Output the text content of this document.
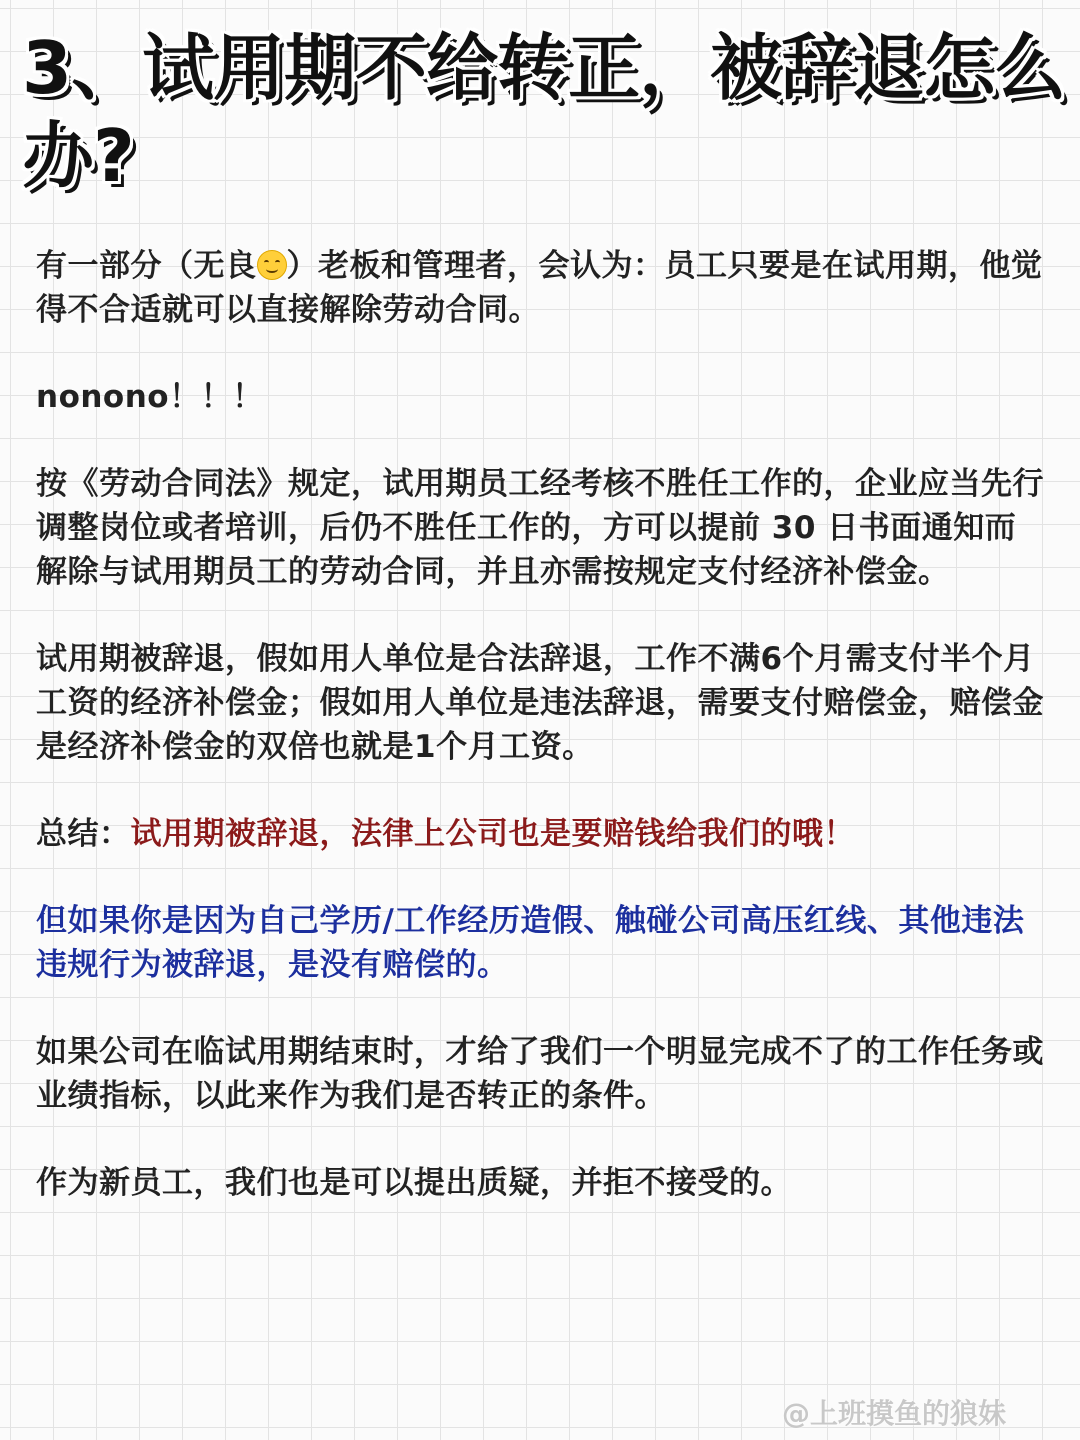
3、试用期不给转正，被辞退怎么办?

有一部分（无良 ）老板和管理者，会认为：员工只要是在试用期，他觉得不合适就可以直接解除劳动合同。

nonono！！！

按《劳动合同法》规定，试用期员工经考核不胜任工作的，企业应当先行调整岗位或者培训，后仍不胜任工作的，方可以提前 30 日书面通知而解除与试用期员工的劳动合同，并且亦需按规定支付经济补偿金。

试用期被辞退，假如用人单位是合法辞退，工作不满6个月需支付半个月工资的经济补偿金；假如用人单位是违法辞退，需要支付赔偿金，赔偿金是经济补偿金的双倍也就是1个月工资。

总结：试用期被辞退，法律上公司也是要赔钱给我们的哦！

但如果你是因为自己学历/工作经历造假、触碰公司高压红线、其他违法违规行为被辞退，是没有赔偿的。

如果公司在临试用期结束时，才给了我们一个明显完成不了的工作任务或业绩指标，以此来作为我们是否转正的条件。

作为新员工，我们也是可以提出质疑，并拒不接受的。

@上班摸鱼的狼妹
